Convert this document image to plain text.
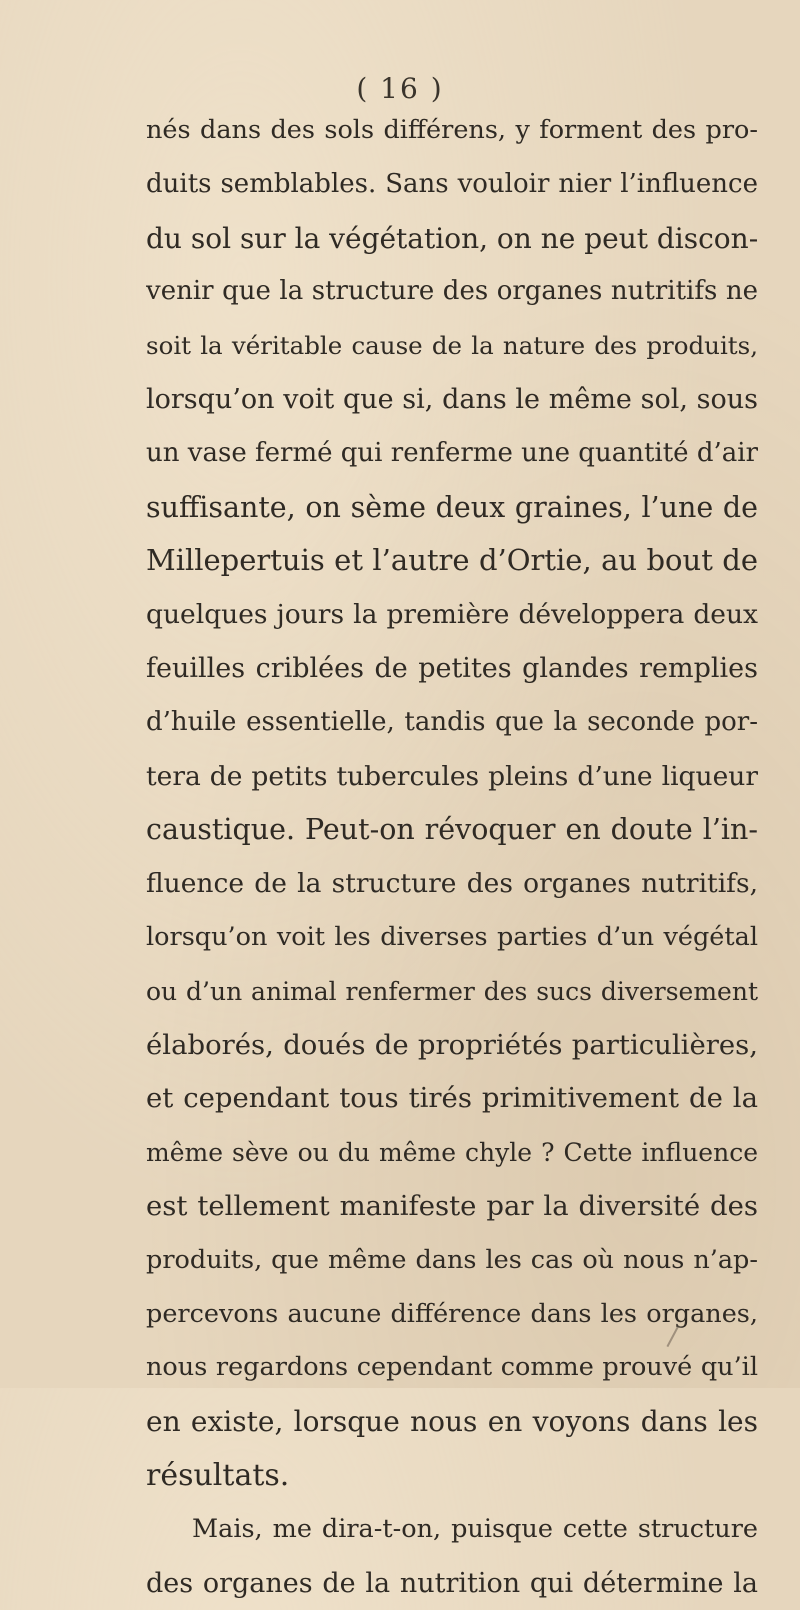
( 16 )
nés dans des sols différens, y forment des pro-
duits semblables. Sans vouloir nier l’influence
du sol sur la végétation, on ne peut discon-
venir que la structure des organes nutritifs ne
soit la véritable cause de la nature des produits,
lorsqu’on voit que si, dans le même sol, sous
un vase fermé qui renferme une quantité d’air
suffisante, on sème deux graines, l’une de
Millepertuis et l’autre d’Ortie, au bout de
quelques jours la première développera deux
feuilles criblées de petites glandes remplies
d’huile essentielle, tandis que la seconde por-
tera de petits tubercules pleins d’une liqueur
caustique. Peut-on révoquer en doute l’in-
fluence de la structure des organes nutritifs,
lorsqu’on voit les diverses parties d’un végétal
ou d’un animal renfermer des sucs diversement
élaborés, doués de propriétés particulières,
et cependant tous tirés primitivement de la
même sève ou du même chyle ? Cette influence
est tellement manifeste par la diversité des
produits, que même dans les cas où nous n’ap-
percevons aucune différence dans les organes,
nous regardons cependant comme prouvé qu’il
en existe, lorsque nous en voyons dans les
résultats.
Mais, me dira-t-on, puisque cette structure
des organes de la nutrition qui détermine la
